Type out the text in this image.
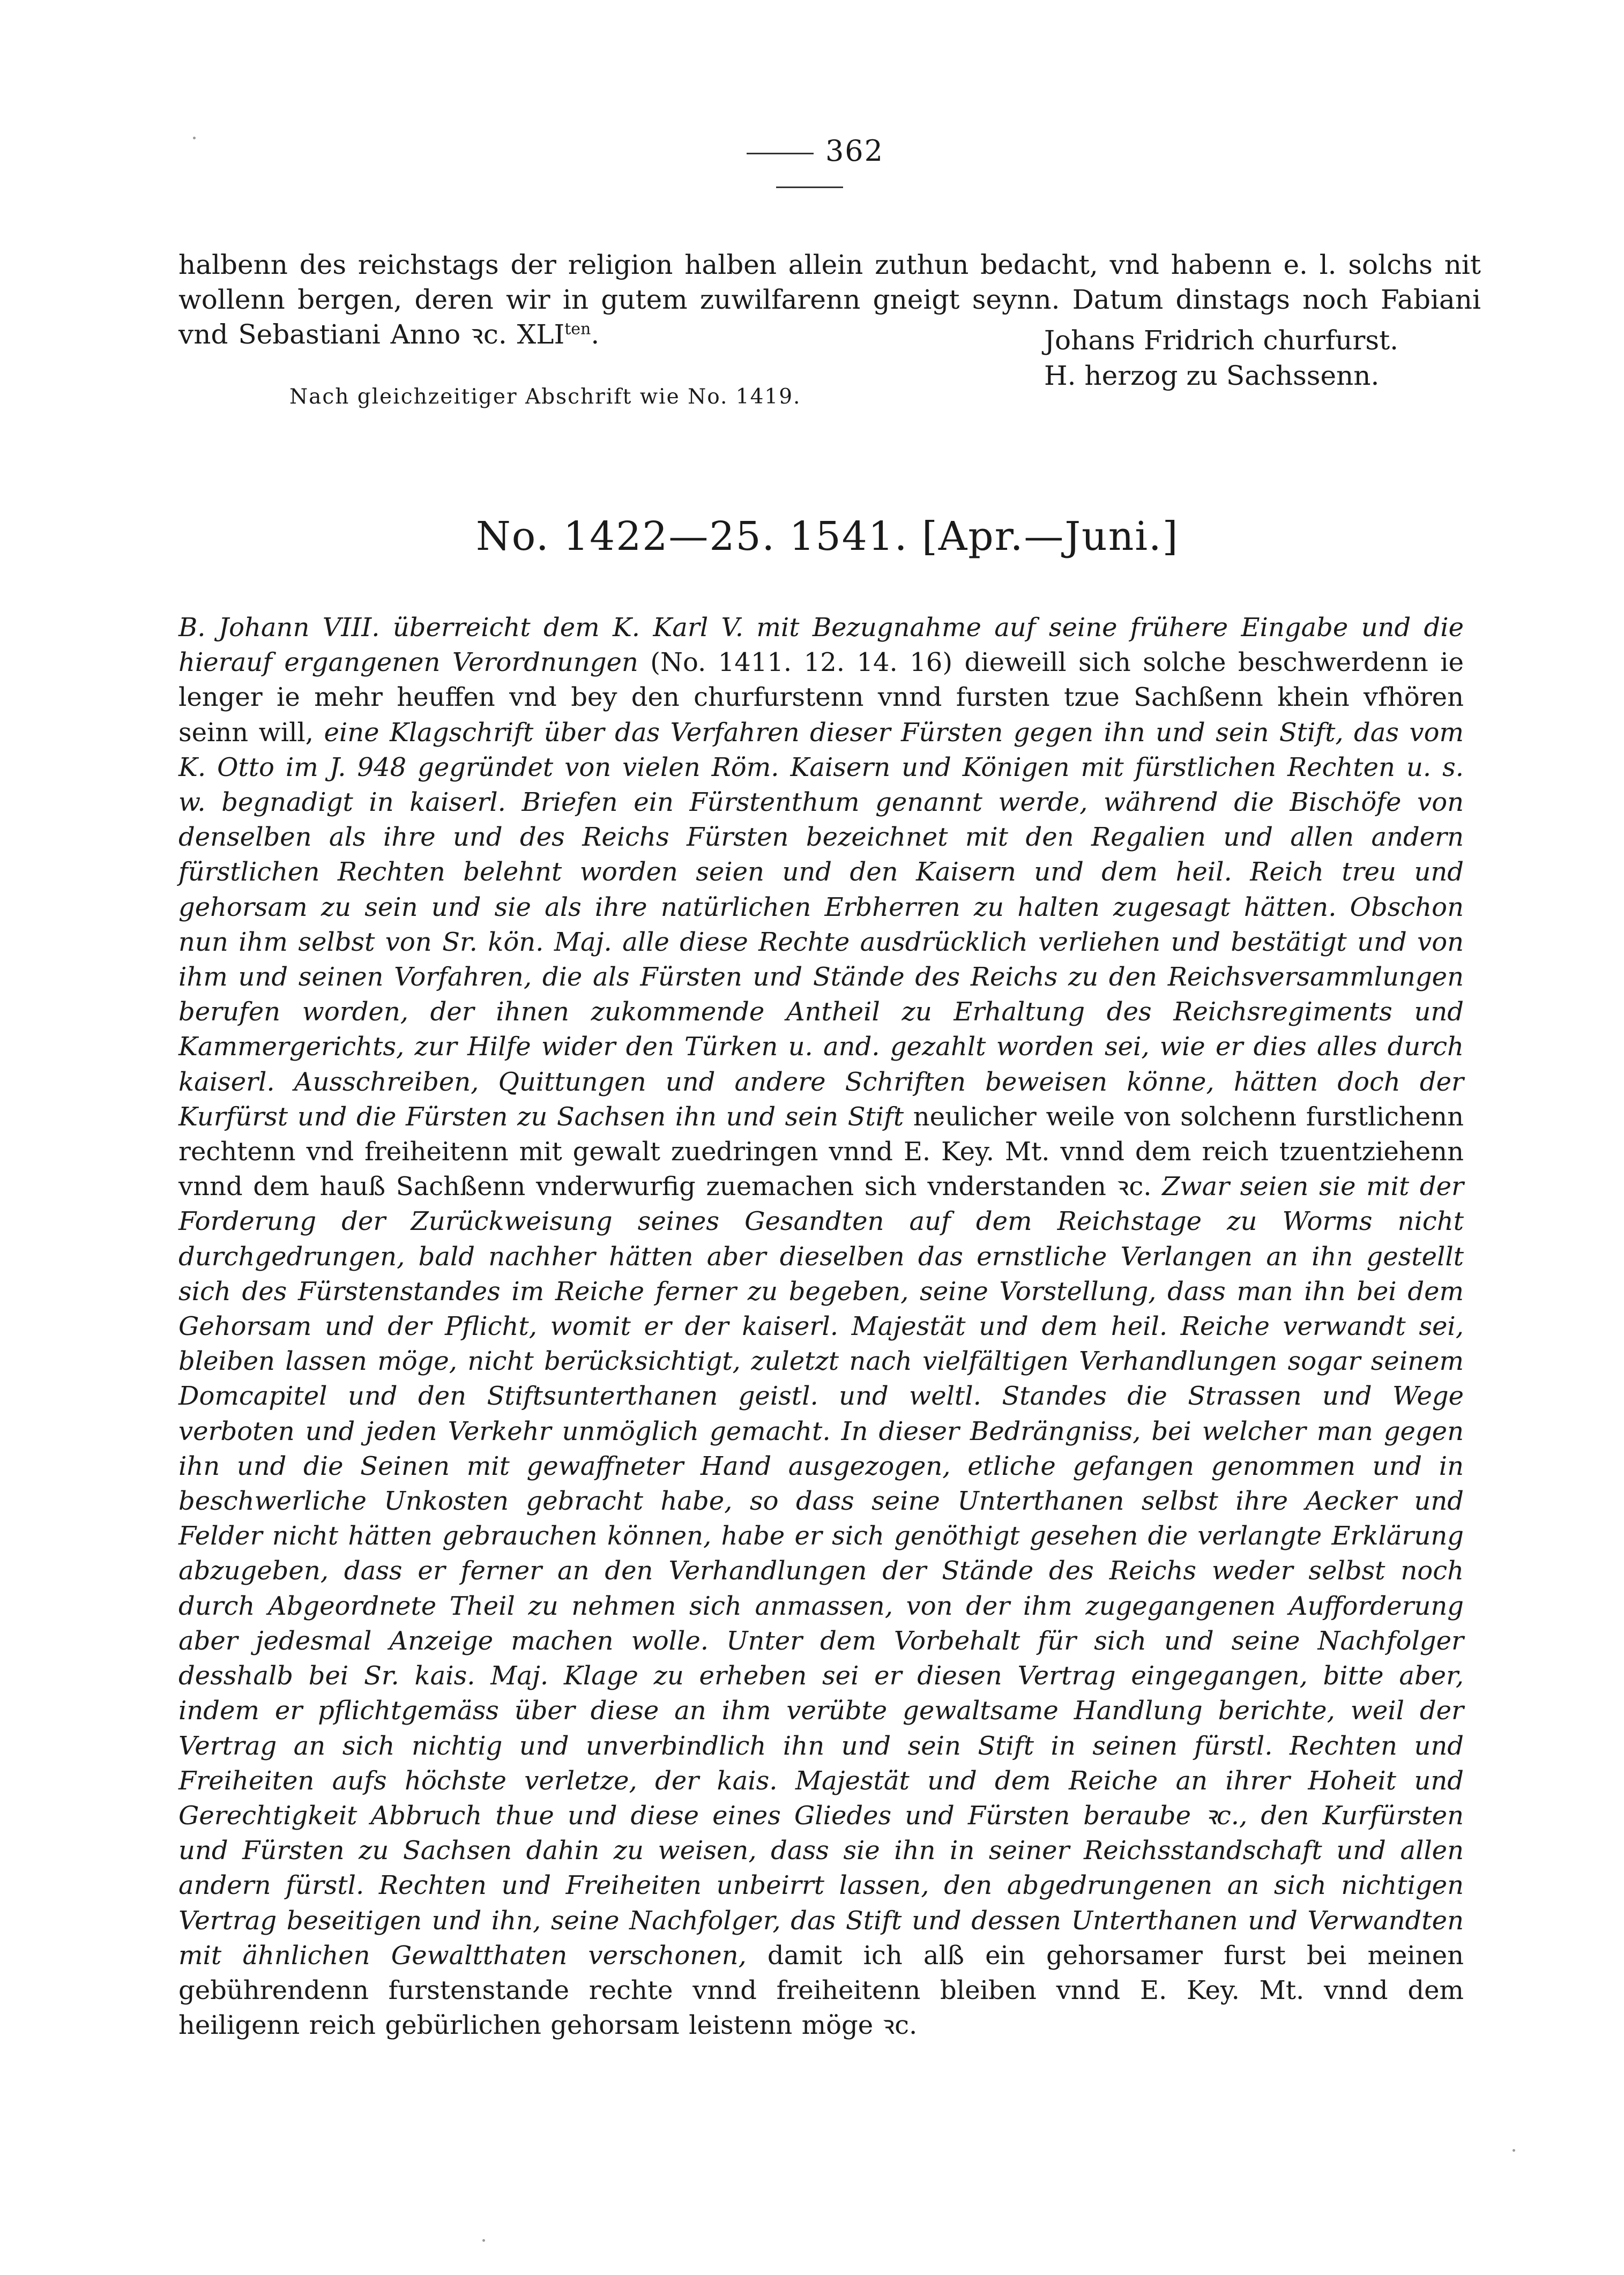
362

halbenn des reichstags der religion halben allein zuthun bedacht, vnd habenn e. l. solchs nit wollenn bergen, deren wir in gutem zuwilfarenn gneigt seynn. Datum dinstags noch Fabiani vnd Sebastiani Anno ꝛc. $XLI^{ten}$.	Johans Fridrich churfurst.
H. herzog zu Sachssenn.
Nach gleichzeitiger Abschrift wie No. 1419.
No. 1422—25. 1541. [Apr.—Juni.]

B. Johann VIII. überreicht dem K. Karl V. mit Bezugnahme auf seine frühere Eingabe und die hierauf ergangenen Verordnungen (No. 1411. 12. 14. 16) dieweill sich solche beschwerdenn ie lenger ie mehr heuffen vnd bey den churfurstenn vnnd fursten tzue Sachßenn khein vfhören seinn will, eine Klagschrift über das Verfahren dieser Fürsten gegen ihn und sein Stift, das vom K. Otto im J. 948 gegründet von vielen Röm. Kaisern und Königen mit fürstlichen Rechten u. s. w. begnadigt in kaiserl. Briefen ein Fürstenthum genannt werde, während die Bischöfe von denselben als ihre und des Reichs Fürsten bezeichnet mit den Regalien und allen andern fürstlichen Rechten belehnt worden seien und den Kaisern und dem heil. Reich treu und gehorsam zu sein und sie als ihre natürlichen Erbherren zu halten zugesagt hätten. Obschon nun ihm selbst von Sr. kön. Maj. alle diese Rechte ausdrücklich verliehen und bestätigt und von ihm und seinen Vorfahren, die als Fürsten und Stände des Reichs zu den Reichsversammlungen berufen worden, der ihnen zukommende Antheil zu Erhaltung des Reichsregiments und Kammergerichts, zur Hilfe wider den Türken u. and. gezahlt worden sei, wie er dies alles durch kaiserl. Ausschreiben, Quittungen und andere Schriften beweisen könne, hätten doch der Kurfürst und die Fürsten zu Sachsen ihn und sein Stift neulicher weile von solchenn furstlichenn rechtenn vnd freiheitenn mit gewalt zuedringen vnnd E. Key. Mt. vnnd dem reich tzuentziehenn vnnd dem hauß Sachßenn vnderwurfig zuemachen sich vnderstanden ꝛc. Zwar seien sie mit der Forderung der Zurückweisung seines Gesandten auf dem Reichstage zu Worms nicht durchgedrungen, bald nachher hätten aber dieselben das ernstliche Verlangen an ihn gestellt sich des Fürstenstandes im Reiche ferner zu begeben, seine Vorstellung, dass man ihn bei dem Gehorsam und der Pflicht, womit er der kaiserl. Majestät und dem heil. Reiche verwandt sei, bleiben lassen möge, nicht berücksichtigt, zuletzt nach vielfältigen Verhandlungen sogar seinem Domcapitel und den Stiftsunterthanen geistl. und weltl. Standes die Strassen und Wege verboten und jeden Verkehr unmöglich gemacht. In dieser Bedrängniss, bei welcher man gegen ihn und die Seinen mit gewaffneter Hand ausgezogen, etliche gefangen genommen und in beschwerliche Unkosten gebracht habe, so dass seine Unterthanen selbst ihre Aecker und Felder nicht hätten gebrauchen können, habe er sich genöthigt gesehen die verlangte Erklärung abzugeben, dass er ferner an den Verhandlungen der Stände des Reichs weder selbst noch durch Abgeordnete Theil zu nehmen sich anmassen, von der ihm zugegangenen Aufforderung aber jedesmal Anzeige machen wolle. Unter dem Vorbehalt für sich und seine Nachfolger desshalb bei Sr. kais. Maj. Klage zu erheben sei er diesen Vertrag eingegangen, bitte aber, indem er pflichtgemäss über diese an ihm verübte gewaltsame Handlung berichte, weil der Vertrag an sich nichtig und unverbindlich ihn und sein Stift in seinen fürstl. Rechten und Freiheiten aufs höchste verletze, der kais. Majestät und dem Reiche an ihrer Hoheit und Gerechtigkeit Abbruch thue und diese eines Gliedes und Fürsten beraube ꝛc., den Kurfürsten und Fürsten zu Sachsen dahin zu weisen, dass sie ihn in seiner Reichsstandschaft und allen andern fürstl. Rechten und Freiheiten unbeirrt lassen, den abgedrungenen an sich nichtigen Vertrag beseitigen und ihn, seine Nachfolger, das Stift und dessen Unterthanen und Verwandten mit ähnlichen Gewaltthaten verschonen, damit ich alß ein gehorsamer furst bei meinen gebührendenn furstenstande rechte vnnd freiheitenn bleiben vnnd E. Key. Mt. vnnd dem heiligenn reich gebürlichen gehorsam leistenn möge ꝛc.
